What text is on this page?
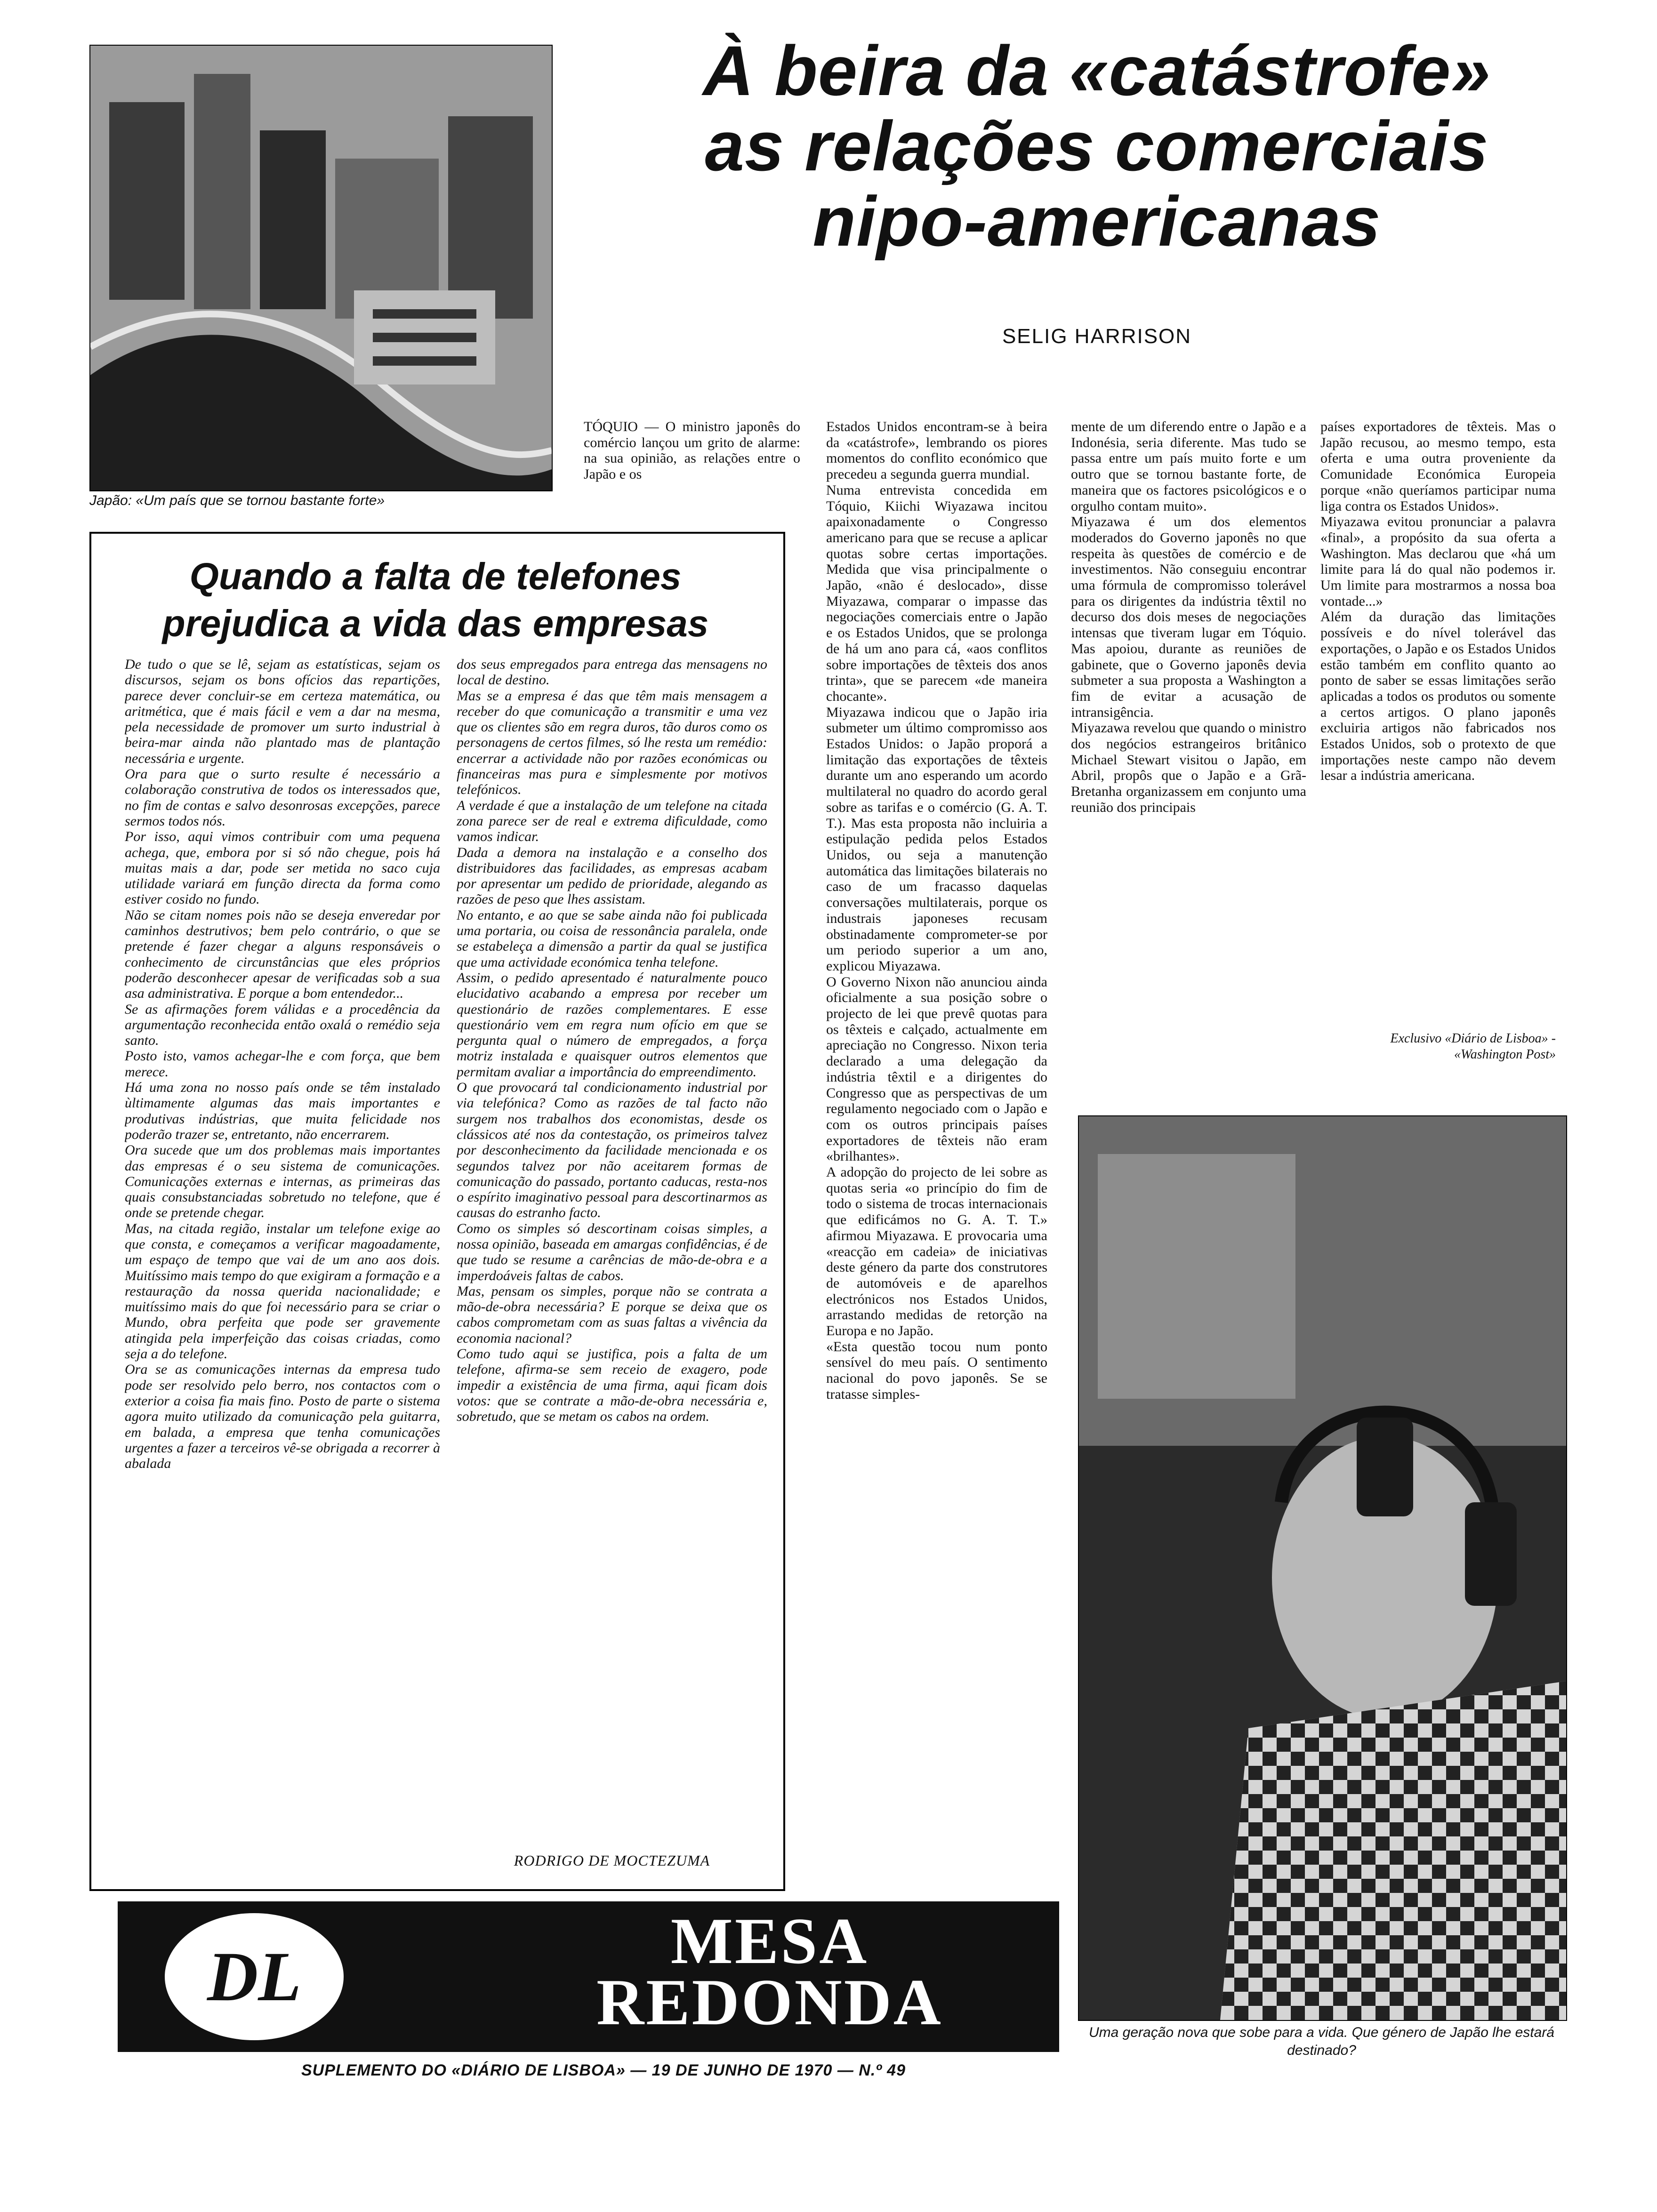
Japão: «Um país que se tornou bastante forte»
À beira da «catástrofe»
as relações comerciais
nipo-americanas
SELIG HARRISON
TÓQUIO — O ministro japonês do comércio lançou um grito de alarme: na sua opinião, as relações entre o Japão e os
Estados Unidos encontram-se à beira da «catástrofe», lembrando os piores momentos do conflito económico que precedeu a segunda guerra mundial.
Numa entrevista concedida em Tóquio, Kiichi Wiyazawa incitou apaixonadamente o Congresso americano para que se recuse a aplicar quotas sobre certas importações. Medida que visa principalmente o Japão, «não é deslocado», disse Miyazawa, comparar o impasse das negociações comerciais entre o Japão e os Estados Unidos, que se prolonga de há um ano para cá, «aos conflitos sobre importações de têxteis dos anos trinta», que se parecem «de maneira chocante».
Miyazawa indicou que o Japão iria submeter um último compromisso aos Estados Unidos: o Japão proporá a limitação das exportações de têxteis durante um ano esperando um acordo multilateral no quadro do acordo geral sobre as tarifas e o comércio (G. A. T. T.). Mas esta proposta não incluiria a estipulação pedida pelos Estados Unidos, ou seja a manutenção automática das limitações bilaterais no caso de um fracasso daquelas conversações multilaterais, porque os industrais japoneses recusam obstinadamente comprometer-se por um periodo superior a um ano, explicou Miyazawa.
O Governo Nixon não anunciou ainda oficialmente a sua posição sobre o projecto de lei que prevê quotas para os têxteis e calçado, actualmente em apreciação no Congresso. Nixon teria declarado a uma delegação da indústria têxtil e a dirigentes do Congresso que as perspectivas de um regulamento negociado com o Japão e com os outros principais países exportadores de têxteis não eram «brilhantes».
A adopção do projecto de lei sobre as quotas seria «o princípio do fim de todo o sistema de trocas internacionais que edificámos no G. A. T. T.» afirmou Miyazawa. E provocaria uma «reacção em cadeia» de iniciativas deste género da parte dos construtores de automóveis e de aparelhos electrónicos nos Estados Unidos, arrastando medidas de retorção na Europa e no Japão.
«Esta questão tocou num ponto sensível do meu país. O sentimento nacional do povo japonês. Se se tratasse simples-
mente de um diferendo entre o Japão e a Indonésia, seria diferente. Mas tudo se passa entre um país muito forte e um outro que se tornou bastante forte, de maneira que os factores psicológicos e o orgulho contam muito».
Miyazawa é um dos elementos moderados do Governo japonês no que respeita às questões de comércio e de investimentos. Não conseguiu encontrar uma fórmula de compromisso tolerável para os dirigentes da indústria têxtil no decurso dos dois meses de negociações intensas que tiveram lugar em Tóquio. Mas apoiou, durante as reuniões de gabinete, que o Governo japonês devia submeter a sua proposta a Washington a fim de evitar a acusação de intransigência.
Miyazawa revelou que quando o ministro dos negócios estrangeiros britânico Michael Stewart visitou o Japão, em Abril, propôs que o Japão e a Grã-Bretanha organizassem em conjunto uma reunião dos principais
países exportadores de têxteis. Mas o Japão recusou, ao mesmo tempo, esta oferta e uma outra proveniente da Comunidade Económica Europeia porque «não queríamos participar numa liga contra os Estados Unidos».
Miyazawa evitou pronunciar a palavra «final», a propósito da sua oferta a Washington. Mas declarou que «há um limite para lá do qual não podemos ir. Um limite para mostrarmos a nossa boa vontade...»
Além da duração das limitações possíveis e do nível tolerável das exportações, o Japão e os Estados Unidos estão também em conflito quanto ao ponto de saber se essas limitações serão aplicadas a todos os produtos ou somente a certos artigos. O plano japonês excluiria artigos não fabricados nos Estados Unidos, sob o protexto de que importações neste campo não devem lesar a indústria americana.
Exclusivo «Diário de Lisboa» - «Washington Post»
Uma geração nova que sobe para a vida. Que género de Japão lhe estará destinado?
Quando a falta de telefones
prejudica a vida das empresas
De tudo o que se lê, sejam as estatísticas, sejam os discursos, sejam os bons ofícios das repartições, parece dever concluir-se em certeza matemática, ou aritmética, que é mais fácil e vem a dar na mesma, pela necessidade de promover um surto industrial à beira-mar ainda não plantado mas de plantação necessária e urgente.
Ora para que o surto resulte é necessário a colaboração construtiva de todos os interessados que, no fim de contas e salvo desonrosas excepções, parece sermos todos nós.
Por isso, aqui vimos contribuir com uma pequena achega, que, embora por si só não chegue, pois há muitas mais a dar, pode ser metida no saco cuja utilidade variará em função directa da forma como estiver cosido no fundo.
Não se citam nomes pois não se deseja enveredar por caminhos destrutivos; bem pelo contrário, o que se pretende é fazer chegar a alguns responsáveis o conhecimento de circunstâncias que eles próprios poderão desconhecer apesar de verificadas sob a sua asa administrativa. E porque a bom entendedor...
Se as afirmações forem válidas e a procedência da argumentação reconhecida então oxalá o remédio seja santo.
Posto isto, vamos achegar-lhe e com força, que bem merece.
Há uma zona no nosso país onde se têm instalado ùltimamente algumas das mais importantes e produtivas indústrias, que muita felicidade nos poderão trazer se, entretanto, não encerrarem.
Ora sucede que um dos problemas mais importantes das empresas é o seu sistema de comunicações. Comunicações externas e internas, as primeiras das quais consubstanciadas sobretudo no telefone, que é onde se pretende chegar.
Mas, na citada região, instalar um telefone exige ao que consta, e começamos a verificar magoadamente, um espaço de tempo que vai de um ano aos dois. Muitíssimo mais tempo do que exigiram a formação e a restauração da nossa querida nacionalidade; e muitíssimo mais do que foi necessário para se criar o Mundo, obra perfeita que pode ser gravemente atingida pela imperfeição das coisas criadas, como seja a do telefone.
Ora se as comunicações internas da empresa tudo pode ser resolvido pelo berro, nos contactos com o exterior a coisa fia mais fino. Posto de parte o sistema agora muito utilizado da comunicação pela guitarra, em balada, a empresa que tenha comunicações urgentes a fazer a terceiros vê-se obrigada a recorrer à abalada
dos seus empregados para entrega das mensagens no local de destino.
Mas se a empresa é das que têm mais mensagem a receber do que comunicação a transmitir e uma vez que os clientes são em regra duros, tão duros como os personagens de certos filmes, só lhe resta um remédio: encerrar a actividade não por razões económicas ou financeiras mas pura e simplesmente por motivos telefónicos.
A verdade é que a instalação de um telefone na citada zona parece ser de real e extrema dificuldade, como vamos indicar.
Dada a demora na instalação e a conselho dos distribuidores das facilidades, as empresas acabam por apresentar um pedido de prioridade, alegando as razões de peso que lhes assistam.
No entanto, e ao que se sabe ainda não foi publicada uma portaria, ou coisa de ressonância paralela, onde se estabeleça a dimensão a partir da qual se justifica que uma actividade económica tenha telefone.
Assim, o pedido apresentado é naturalmente pouco elucidativo acabando a empresa por receber um questionário de razões complementares. E esse questionário vem em regra num ofício em que se pergunta qual o número de empregados, a força motriz instalada e quaisquer outros elementos que permitam avaliar a importância do empreendimento.
O que provocará tal condicionamento industrial por via telefónica? Como as razões de tal facto não surgem nos trabalhos dos economistas, desde os clássicos até nos da contestação, os primeiros talvez por desconhecimento da facilidade mencionada e os segundos talvez por não aceitarem formas de comunicação do passado, portanto caducas, resta-nos o espírito imaginativo pessoal para descortinarmos as causas do estranho facto.
Como os simples só descortinam coisas simples, a nossa opinião, baseada em amargas confidências, é de que tudo se resume a carências de mão-de-obra e a imperdoáveis faltas de cabos.
Mas, pensam os simples, porque não se contrata a mão-de-obra necessária? E porque se deixa que os cabos comprometam com as suas faltas a vivência da economia nacional?
Como tudo aqui se justifica, pois a falta de um telefone, afirma-se sem receio de exagero, pode impedir a existência de uma firma, aqui ficam dois votos: que se contrate a mão-de-obra necessária e, sobretudo, que se metam os cabos na ordem.
RODRIGO DE MOCTEZUMA
DL	MESA
REDONDA
SUPLEMENTO DO «DIÁRIO DE LISBOA» — 19 DE JUNHO DE 1970 — N.º 49
